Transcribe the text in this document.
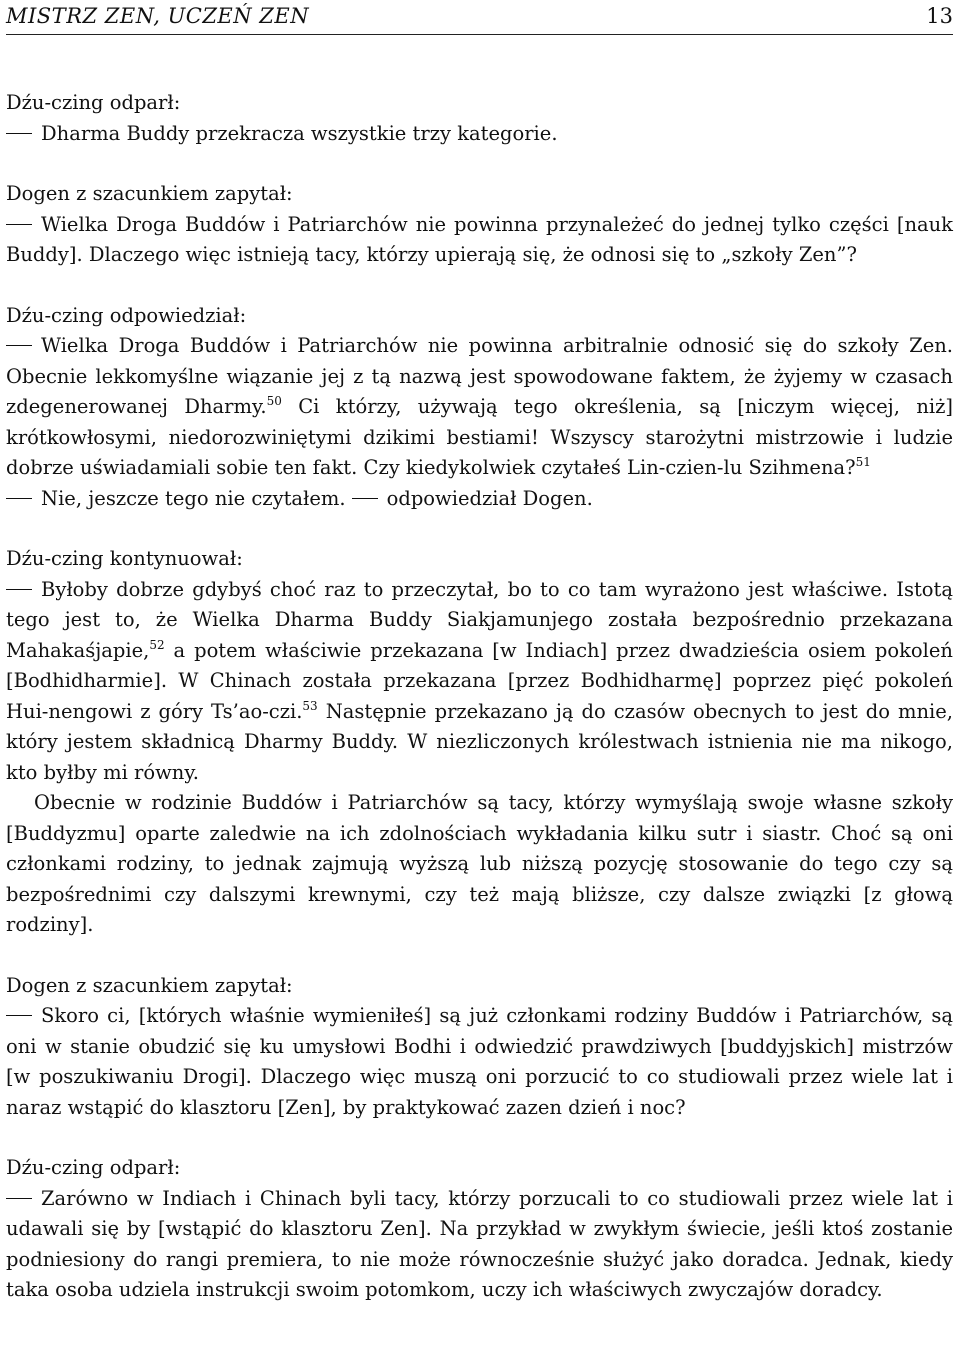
MISTRZ ZEN, UCZEŃ ZEN	13

Dźu-czing odparł:

Dharma Buddy przekracza wszystkie trzy kategorie.

Dogen z szacunkiem zapytał:

Wielka Droga Buddów i Patriarchów nie powinna przynależeć do jednej tylko części [nauk Buddy]. Dlaczego więc istnieją tacy, którzy upierają się, że odnosi się to „szkoły Zen”?

Dźu-czing odpowiedział:

Wielka Droga Buddów i Patriarchów nie powinna arbitralnie odnosić się do szkoły Zen. Obecnie lekkomyślne wiązanie jej z tą nazwą jest spowodowane faktem, że żyjemy w czasach zdegenerowanej Dharmy.$^{50}$ Ci którzy, używają tego określenia, są [niczym więcej, niż] krótkowłosymi, niedorozwiniętymi dzikimi bestiami! Wszyscy starożytni mistrzowie i ludzie dobrze uświadamiali sobie ten fakt. Czy kiedykolwiek czytałeś Lin-czien-lu Szihmena?$^{51}$

Nie, jeszcze tego nie czytałem. odpowiedział Dogen.

Dźu-czing kontynuował:

Byłoby dobrze gdybyś choć raz to przeczytał, bo to co tam wyrażono jest właściwe. Istotą tego jest to, że Wielka Dharma Buddy Siakjamunjego została bezpośrednio przekazana Mahakaśjapie,$^{52}$ a potem właściwie przekazana [w Indiach] przez dwadzieścia osiem pokoleń [Bodhidharmie]. W Chinach została przekazana [przez Bodhidharmę] poprzez pięć pokoleń Hui-nengowi z góry Ts’ao-czi.$^{53}$ Następnie przekazano ją do czasów obecnych to jest do mnie, który jestem składnicą Dharmy Buddy. W niezliczonych królestwach istnienia nie ma nikogo, kto byłby mi równy.

Obecnie w rodzinie Buddów i Patriarchów są tacy, którzy wymyślają swoje własne szkoły [Buddyzmu] oparte zaledwie na ich zdolnościach wykładania kilku sutr i siastr. Choć są oni członkami rodziny, to jednak zajmują wyższą lub niższą pozycję stosowanie do tego czy są bezpośrednimi czy dalszymi krewnymi, czy też mają bliższe, czy dalsze związki [z głową rodziny].

Dogen z szacunkiem zapytał:

Skoro ci, [których właśnie wymieniłeś] są już członkami rodziny Buddów i Patriarchów, są oni w stanie obudzić się ku umysłowi Bodhi i odwiedzić prawdziwych [buddyjskich] mistrzów [w poszukiwaniu Drogi]. Dlaczego więc muszą oni porzucić to co studiowali przez wiele lat i naraz wstąpić do klasztoru [Zen], by praktykować zazen dzień i noc?

Dźu-czing odparł:

Zarówno w Indiach i Chinach byli tacy, którzy porzucali to co studiowali przez wiele lat i udawali się by [wstąpić do klasztoru Zen]. Na przykład w zwykłym świecie, jeśli ktoś zostanie podniesiony do rangi premiera, to nie może równocześnie służyć jako doradca. Jednak, kiedy taka osoba udziela instrukcji swoim potomkom, uczy ich właściwych zwyczajów doradcy.
